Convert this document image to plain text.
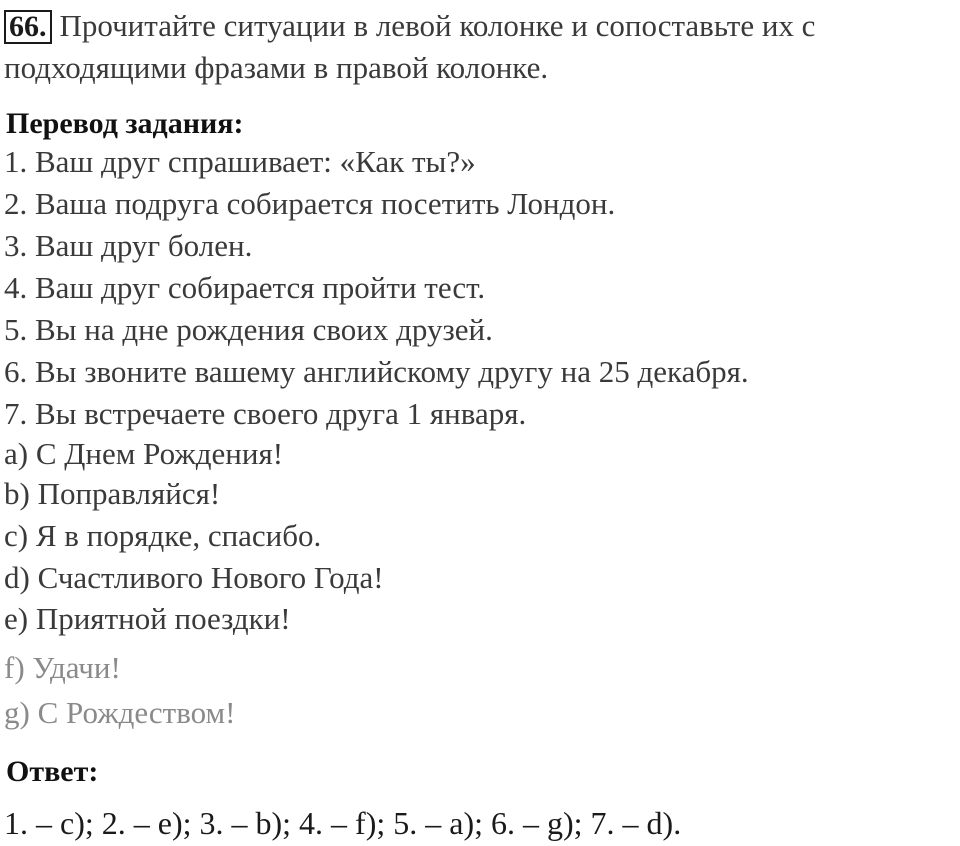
66. Прочитайте ситуации в левой колонке и сопоставьте их с
подходящими фразами в правой колонке.
Перевод задания:
1. Ваш друг спрашивает: «Как ты?»
2. Ваша подруга собирается посетить Лондон.
3. Ваш друг болен.
4. Ваш друг собирается пройти тест.
5. Вы на дне рождения своих друзей.
6. Вы звоните вашему английскому другу на 25 декабря.
7. Вы встречаете своего друга 1 января.
a) С Днем Рождения!
b) Поправляйся!
c) Я в порядке, спасибо.
d) Счастливого Нового Года!
e) Приятной поездки!
f) Удачи!
g) С Рождеством!
Ответ:
1. – c); 2. – e); 3. – b); 4. – f); 5. – a); 6. – g); 7. – d).
